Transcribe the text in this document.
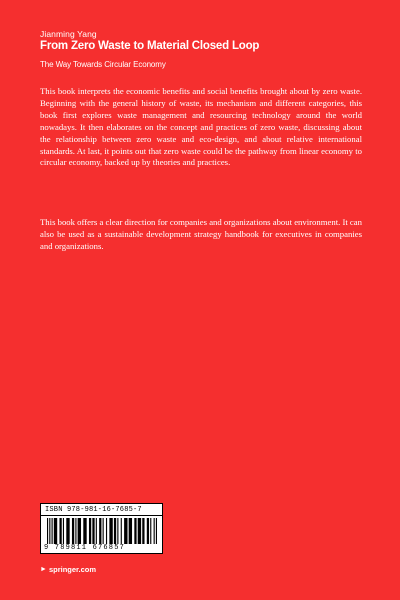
Jianming Yang
From Zero Waste to Material Closed Loop
The Way Towards Circular Economy

This book interprets the economic benefits and social benefits brought about by zero waste. Beginning with the general history of waste, its mechanism and different categories, this book first explores waste management and resourcing technology around the world nowadays. It then elaborates on the concept and practices of zero waste, discussing about the relationship between zero waste and eco-design, and about relative international standards. At last, it points out that zero waste could be the pathway from linear economy to circular economy, backed up by theories and practices.

This book offers a clear direction for companies and organizations about environment. It can also be used as a sustainable development strategy handbook for executives in companies and organizations.

ISBN 978-981-16-7685-7
9 789811 676857
► springer.com
